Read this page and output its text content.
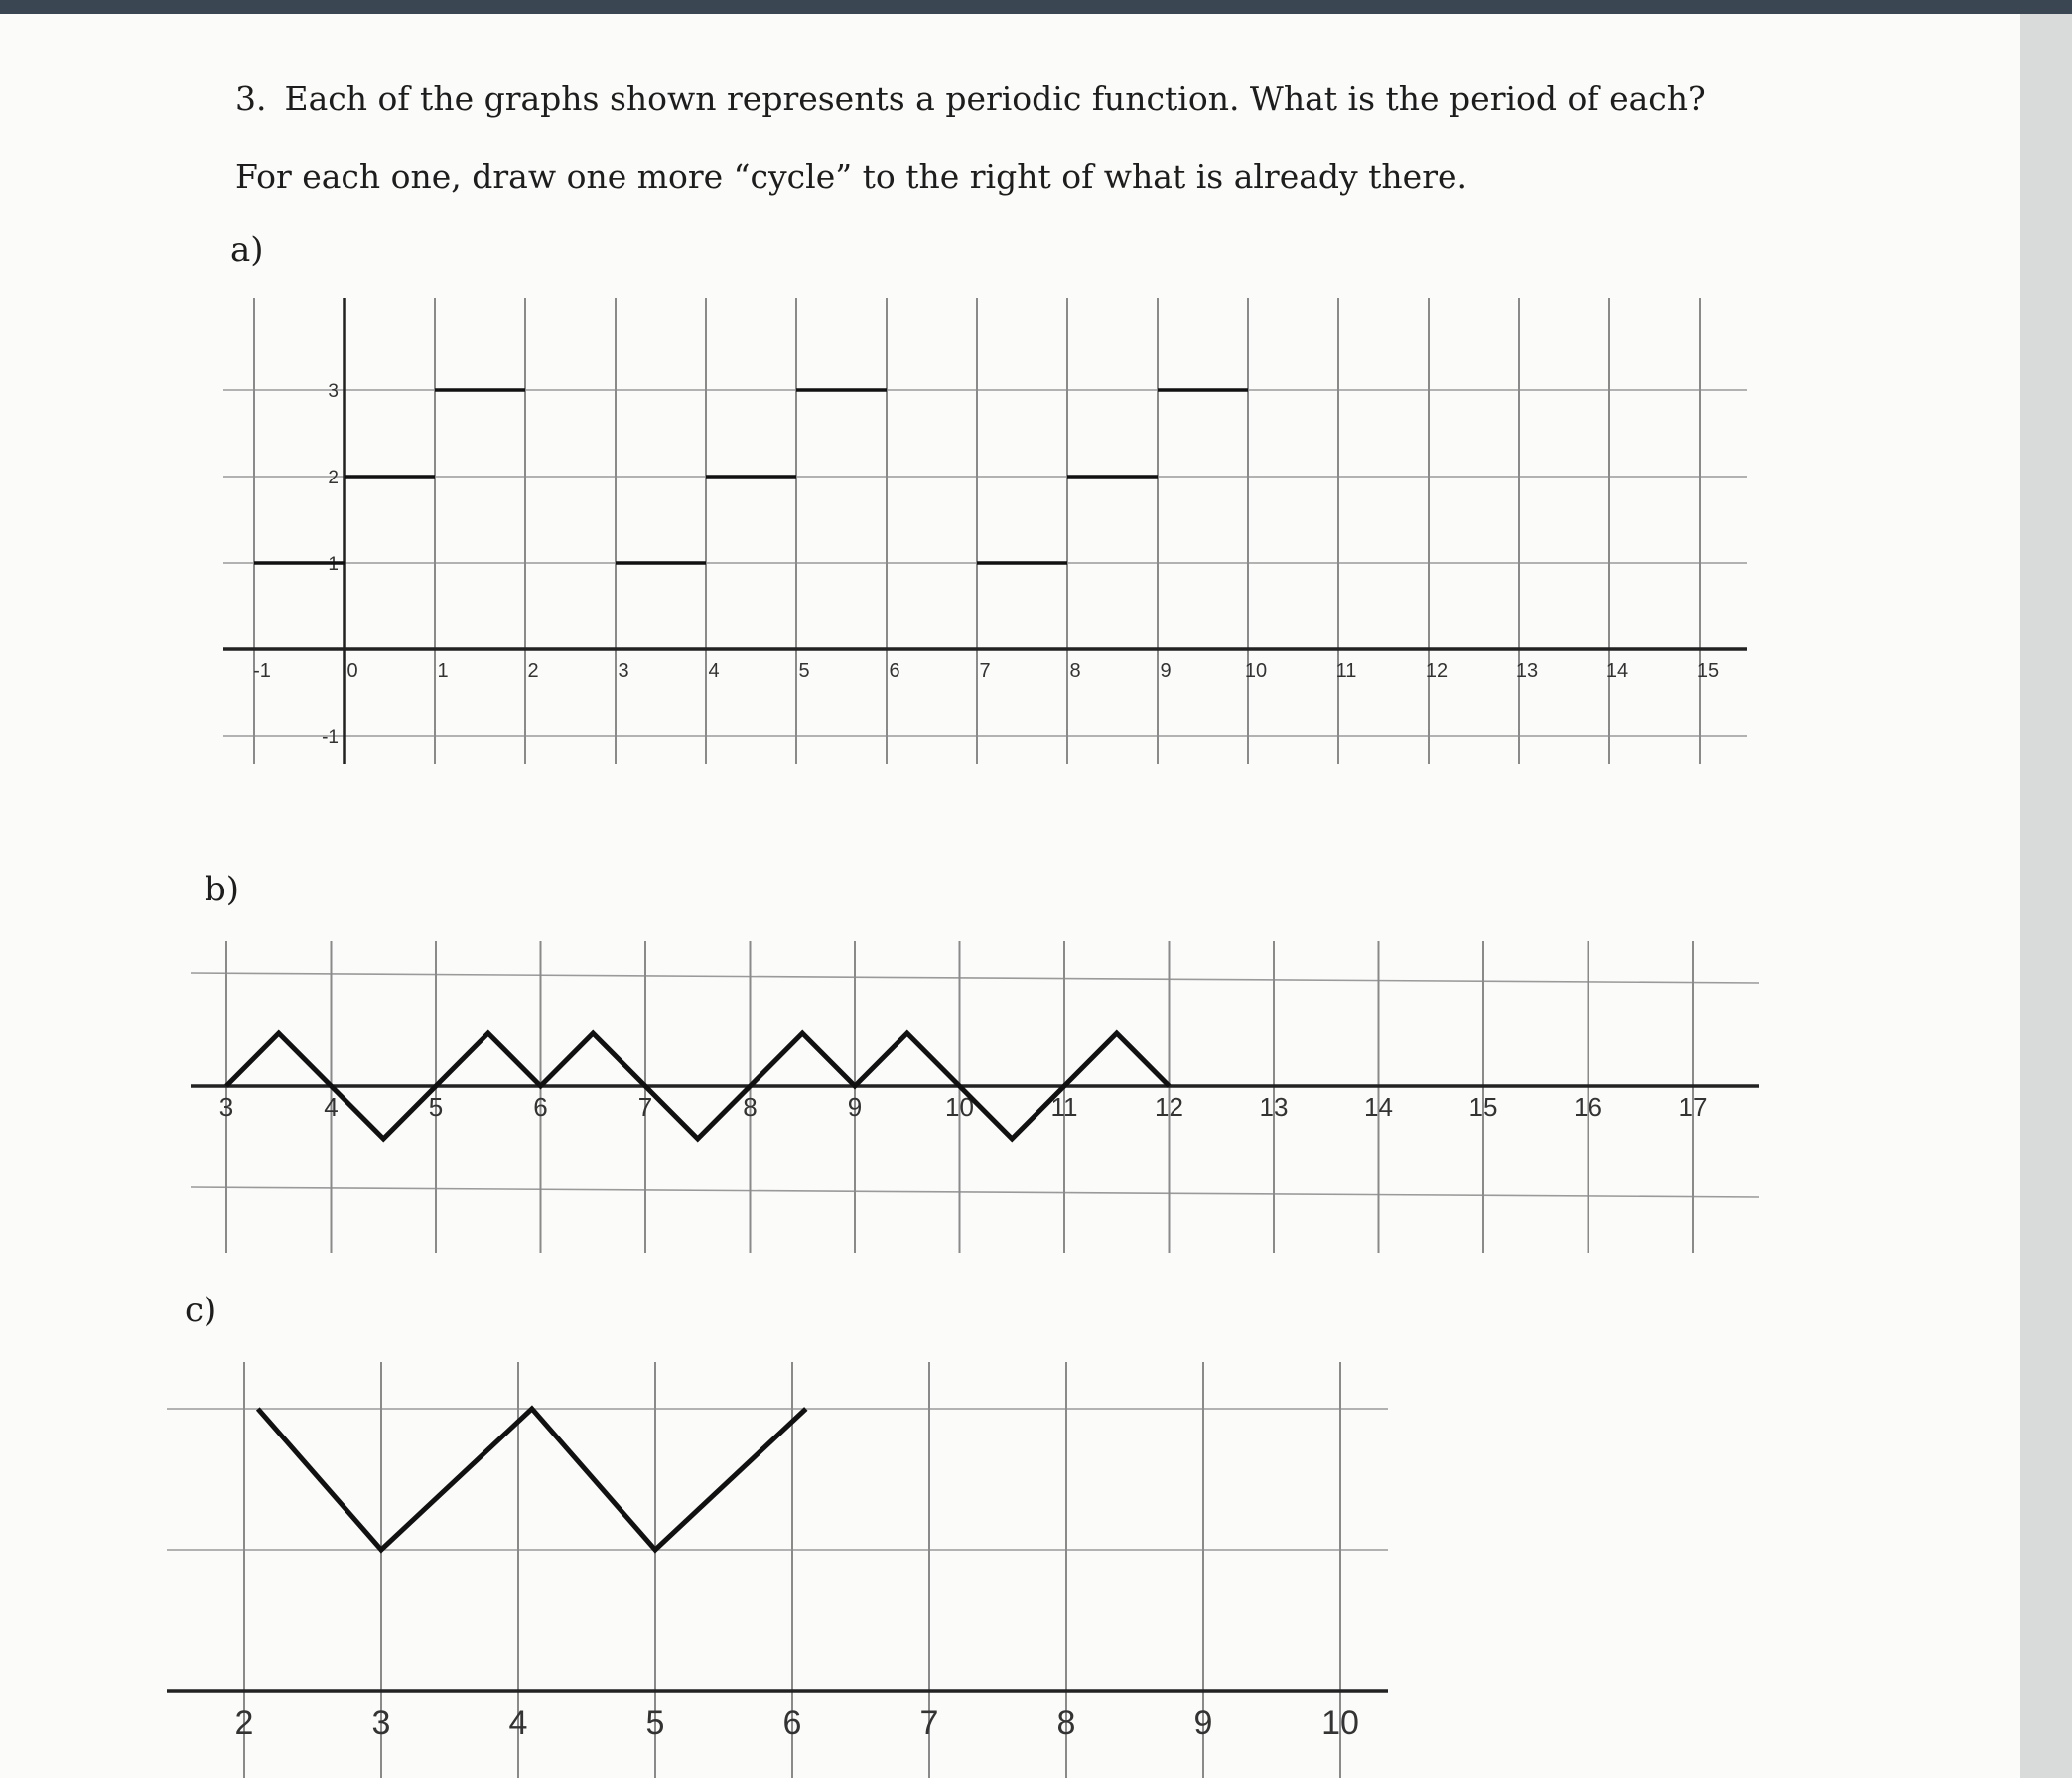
3. Each of the graphs shown represents a periodic function. What is the period of each?
For each one, draw one more “cycle” to the right of what is already there.
a)
b)
c)
-1	0	1	2	3	4	5	6	7	8	9	10	11	12	13	14	15
-1
1
2
3
3	4	5	6	7	8	9	10	11	12	13	14	15	16	17
2	3	4	5	6	7	8	9	10
